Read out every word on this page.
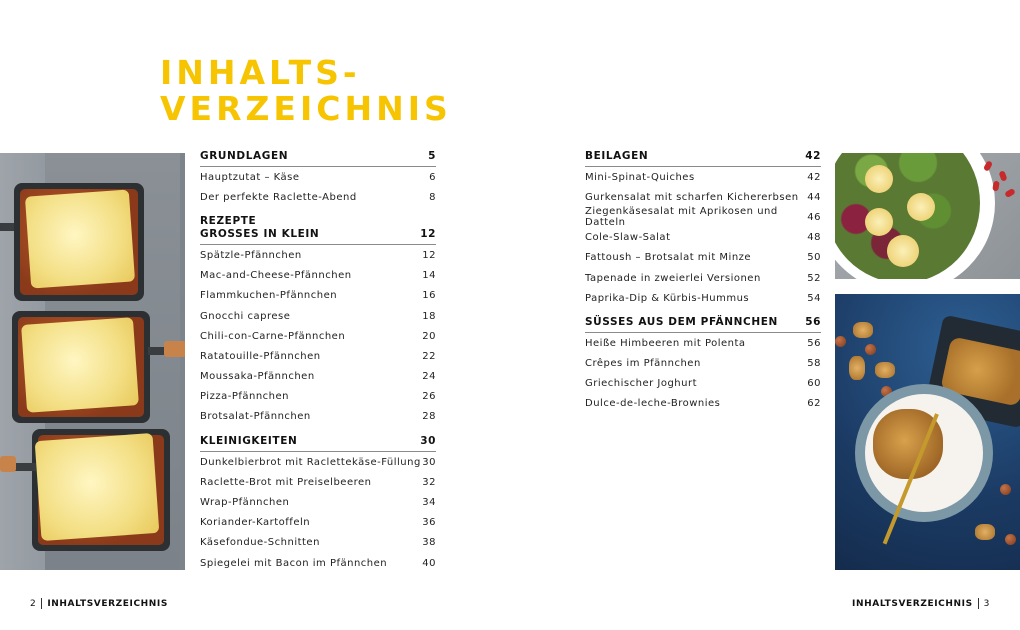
INHALTS-
VERZEICHNIS
GRUNDLAGEN	5
Hauptzutat – Käse	6
Der perfekte Raclette-Abend	8
REZEPTE
GROSSES IN KLEIN	12
Spätzle-Pfännchen	12
Mac-and-Cheese-Pfännchen	14
Flammkuchen-Pfännchen	16
Gnocchi caprese	18
Chili-con-Carne-Pfännchen	20
Ratatouille-Pfännchen	22
Moussaka-Pfännchen	24
Pizza-Pfännchen	26
Brotsalat-Pfännchen	28
KLEINIGKEITEN	30
Dunkelbierbrot mit Raclettekäse-Füllung 30
Raclette-Brot mit Preiselbeeren	32
Wrap-Pfännchen	34
Koriander-Kartoffeln	36
Käsefondue-Schnitten	38
Spiegelei mit Bacon im Pfännchen	40
BEILAGEN	42
Mini-Spinat-Quiches	42
Gurkensalat mit scharfen Kichererbsen 44
Ziegenkäsesalat mit Aprikosen und Datteln	46
Cole-Slaw-Salat	48
Fattoush – Brotsalat mit Minze	50
Tapenade in zweierlei Versionen	52
Paprika-Dip & Kürbis-Hummus	54
SÜSSES AUS DEM PFÄNNCHEN	56
Heiße Himbeeren mit Polenta	56
Crêpes im Pfännchen	58
Griechischer Joghurt	60
Dulce-de-leche-Brownies	62
2 INHALTSVERZEICHNIS	INHALTSVERZEICHNIS 3
